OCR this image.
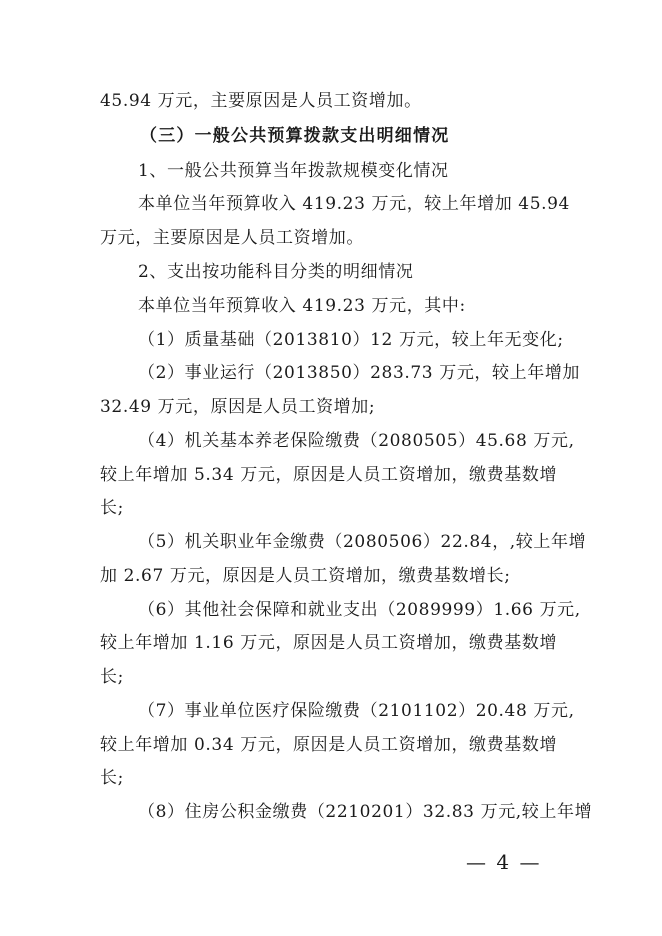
45.94 万元，主要原因是人员工资增加。
（三）一般公共预算拨款支出明细情况
1、一般公共预算当年拨款规模变化情况
本单位当年预算收入 419.23 万元，较上年增加 45.94
万元，主要原因是人员工资增加。
2、支出按功能科目分类的明细情况
本单位当年预算收入 419.23 万元，其中:
（1）质量基础（2013810）12 万元，较上年无变化;
（2）事业运行（2013850）283.73 万元，较上年增加
32.49 万元，原因是人员工资增加;
（4）机关基本养老保险缴费（2080505）45.68 万元,
较上年增加 5.34 万元，原因是人员工资增加，缴费基数增
长;
（5）机关职业年金缴费（2080506）22.84，,较上年增
加 2.67 万元，原因是人员工资增加，缴费基数增长;
（6）其他社会保障和就业支出（2089999）1.66 万元,
较上年增加 1.16 万元，原因是人员工资增加，缴费基数增
长;
（7）事业单位医疗保险缴费（2101102）20.48 万元,
较上年增加 0.34 万元，原因是人员工资增加，缴费基数增
长;
（8）住房公积金缴费（2210201）32.83 万元,较上年增
— 4 —
